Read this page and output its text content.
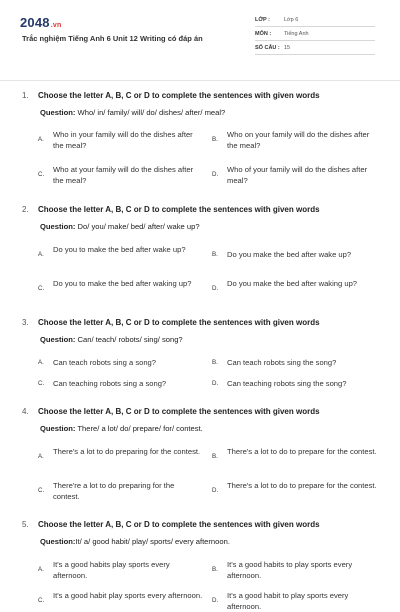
2048.vn
Trắc nghiệm Tiếng Anh 6 Unit 12 Writing có đáp án
LỚP :	Lớp 6
MÔN : Tiếng Anh
SỐ CÂU : 15
1. Choose the letter A, B, C or D to complete the sentences with given words
Question: Who/ in/ family/ will/ do/ dishes/ after/ meal?
A.
Who in your family will do the dishes after the meal?
B.
Who on your family will do the dishes after the meal?
C.
Who at your family will do the dishes after the meal?
D.
Who of your family will do the dishes after meal?
2. Choose the letter A, B, C or D to complete the sentences with given words
Question: Do/ you/ make/ bed/ after/ wake up?
A.
Do you to make the bed after wake up?
B. Do you make the bed after wake up?
C.
Do you to make the bed after waking up?
D.
Do you make the bed after waking up?
3. Choose the letter A, B, C or D to complete the sentences with given words
Question: Can/ teach/ robots/ sing/ song?
A. Can teach robots sing a song?	B. Can teach robots sing the song?
C. Can teaching robots sing a song?	D. Can teaching robots sing the song?
4. Choose the letter A, B, C or D to complete the sentences with given words
Question: There/ a lot/ do/ prepare/ for/ contest.
A.
There's a lot to do preparing for the contest.
B.
There's a lot to do to prepare for the contest.
C.
There're a lot to do preparing for the contest.
D.
There's a lot to do to prepare for the contest.
5. Choose the letter A, B, C or D to complete the sentences with given words
Question:It/ a/ good habit/ play/ sports/ every afternoon.
A.
It's a good habits play sports every afternoon.
B.
It's a good habits to play sports every afternoon.
C.
It's a good habit play sports every afternoon.
D.
It's a good habit to play sports every afternoon.
